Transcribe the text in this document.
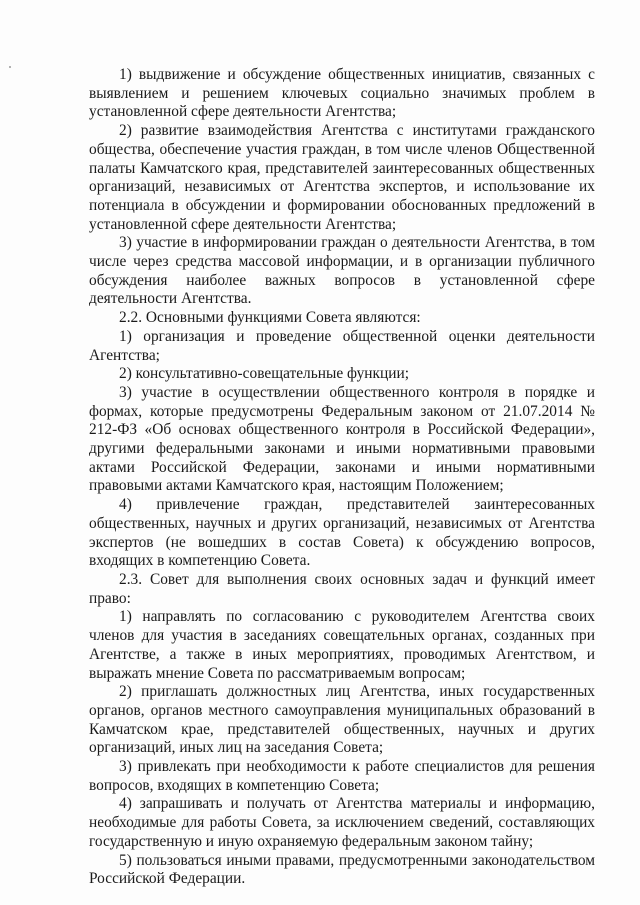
1) выдвижение и обсуждение общественных инициатив, связанных с выявлением и решением ключевых социально значимых проблем в установленной сфере деятельности Агентства;

2) развитие взаимодействия Агентства с институтами гражданского общества, обеспечение участия граждан, в том числе членов Общественной палаты Камчатского края, представителей заинтересованных общественных организаций, независимых от Агентства экспертов, и использование их потенциала в обсуждении и формировании обоснованных предложений в установленной сфере деятельности Агентства;

3) участие в информировании граждан о деятельности Агентства, в том числе через средства массовой информации, и в организации публичного обсуждения наиболее важных вопросов в установленной сфере деятельности Агентства.

2.2. Основными функциями Совета являются:

1) организация и проведение общественной оценки деятельности Агентства;

2) консультативно-совещательные функции;

3) участие в осуществлении общественного контроля в порядке и формах, которые предусмотрены Федеральным законом от 21.07.2014 № 212-ФЗ «Об основах общественного контроля в Российской Федерации», другими федеральными законами и иными нормативными правовыми актами Российской Федерации, законами и иными нормативными правовыми актами Камчатского края, настоящим Положением;

4) привлечение граждан, представителей заинтересованных общественных, научных и других организаций, независимых от Агентства экспертов (не вошедших в состав Совета) к обсуждению вопросов, входящих в компетенцию Совета.

2.3. Совет для выполнения своих основных задач и функций имеет право:

1) направлять по согласованию с руководителем Агентства своих членов для участия в заседаниях совещательных органах, созданных при Агентстве, а также в иных мероприятиях, проводимых Агентством, и выражать мнение Совета по рассматриваемым вопросам;

2) приглашать должностных лиц Агентства, иных государственных органов, органов местного самоуправления муниципальных образований в Камчатском крае, представителей общественных, научных и других организаций, иных лиц на заседания Совета;

3) привлекать при необходимости к работе специалистов для решения вопросов, входящих в компетенцию Совета;

4) запрашивать и получать от Агентства материалы и информацию, необходимые для работы Совета, за исключением сведений, составляющих государственную и иную охраняемую федеральным законом тайну;

5) пользоваться иными правами, предусмотренными законодательством Российской Федерации.
